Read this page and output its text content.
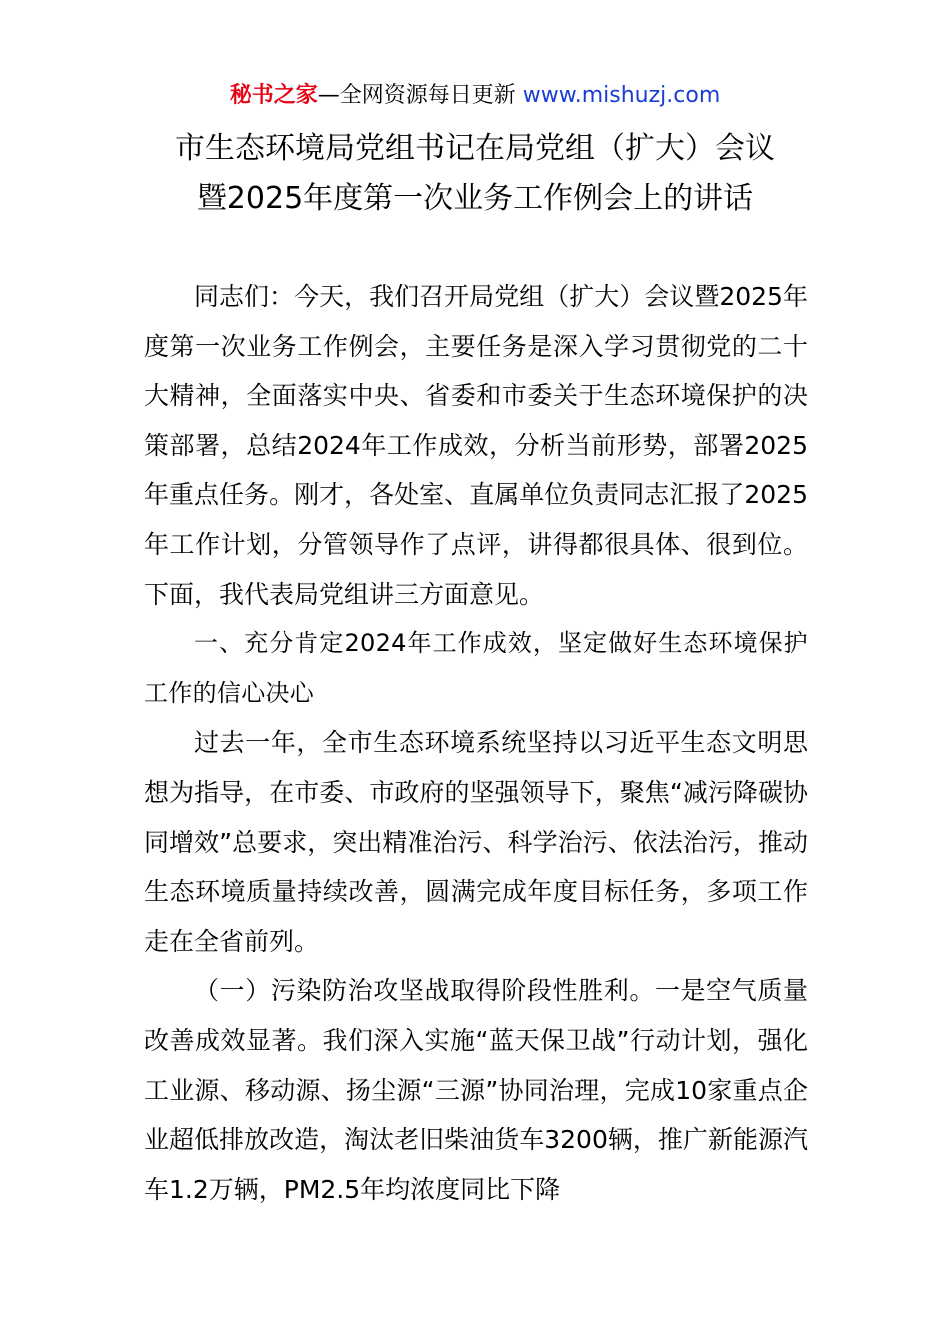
秘书之家—全网资源每日更新 www.mishuzj.com
市生态环境局党组书记在局党组（扩大）会议
暨2025年度第一次业务工作例会上的讲话

同志们：今天，我们召开局党组（扩大）会议暨2025年度第一次业务工作例会，主要任务是深入学习贯彻党的二十大精神，全面落实中央、省委和市委关于生态环境保护的决策部署，总结2024年工作成效，分析当前形势，部署2025年重点任务。刚才，各处室、直属单位负责同志汇报了2025年工作计划，分管领导作了点评，讲得都很具体、很到位。下面，我代表局党组讲三方面意见。

一、充分肯定2024年工作成效，坚定做好生态环境保护工作的信心决心

过去一年，全市生态环境系统坚持以习近平生态文明思想为指导，在市委、市政府的坚强领导下，聚焦“减污降碳协同增效”总要求，突出精准治污、科学治污、依法治污，推动生态环境质量持续改善，圆满完成年度目标任务，多项工作走在全省前列。

（一）污染防治攻坚战取得阶段性胜利。一是空气质量改善成效显著。我们深入实施“蓝天保卫战”行动计划，强化工业源、移动源、扬尘源“三源”协同治理，完成10家重点企业超低排放改造，淘汰老旧柴油货车3200辆，推广新能源汽车1.2万辆，PM2.5年均浓度同比下降
